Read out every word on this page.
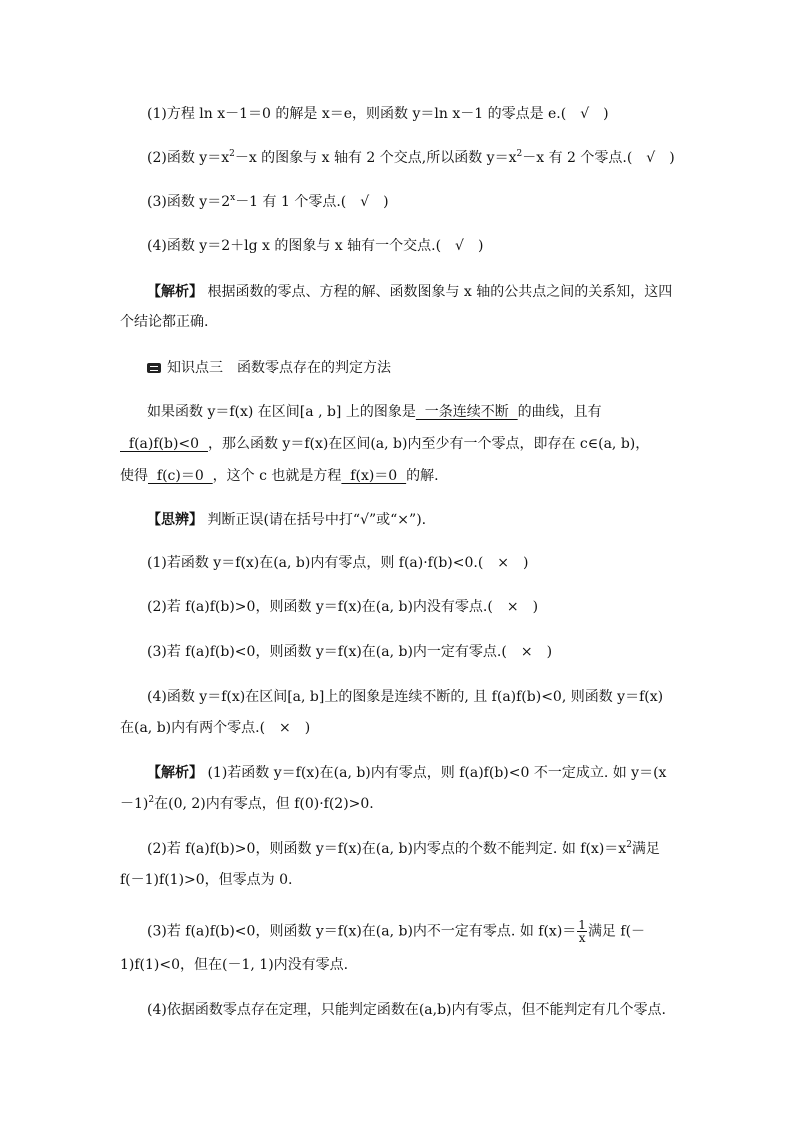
(1)方程 ln x－1＝0 的解是 x＝e，则函数 y＝ln x－1 的零点是 e.(　√　)
(2)函数 $y=x^2-x$ 的图象与 x 轴有 2 个交点,所以函数 $y=x^2-x$ 有 2 个零点.(　√　)
(3)函数 $y=2^x-1$ 有 1 个零点.(　√　)
(4)函数 y＝2＋lg x 的图象与 x 轴有一个交点.(　√　)
【解析】 根据函数的零点、方程的解、函数图象与 x 轴的公共点之间的关系知，这四
个结论都正确.
知识点三　函数零点存在的判定方法
如果函数 y＝f(x) 在区间[a , b] 上的图象是  一条连续不断  的曲线，且有
f(a)f(b)<0  ，那么函数 y＝f(x)在区间(a, b)内至少有一个零点，即存在 c∈(a, b)，
使得  f(c)＝0  ，这个 c 也就是方程  f(x)＝0  的解.
【思辨】 判断正误(请在括号中打“√”或“×”).
(1)若函数 y＝f(x)在(a, b)内有零点，则 f(a)·f(b)<0.(　×　)
(2)若 f(a)f(b)>0，则函数 y＝f(x)在(a, b)内没有零点.(　×　)
(3)若 f(a)f(b)<0，则函数 y＝f(x)在(a, b)内一定有零点.(　×　)
(4)函数 y＝f(x)在区间[a, b]上的图象是连续不断的, 且 f(a)f(b)<0, 则函数 y＝f(x)
在(a, b)内有两个零点.(　×　)
【解析】 (1)若函数 y＝f(x)在(a, b)内有零点，则 f(a)f(b)<0 不一定成立. 如 y＝(x
－1)$^2$在(0, 2)内有零点，但 f(0)·f(2)>0.
(2)若 f(a)f(b)>0，则函数 y＝f(x)在(a, b)内零点的个数不能判定. 如 $f(x)=x^2$满足
f(－1)f(1)>0，但零点为 0.
(3)若 f(a)f(b)<0，则函数 y＝f(x)在(a, b)内不一定有零点. 如 $f(x)= \frac{1}{x}$ 满足 f(－
1)f(1)<0，但在(－1, 1)内没有零点.
(4)依据函数零点存在定理，只能判定函数在(a,b)内有零点，但不能判定有几个零点.
